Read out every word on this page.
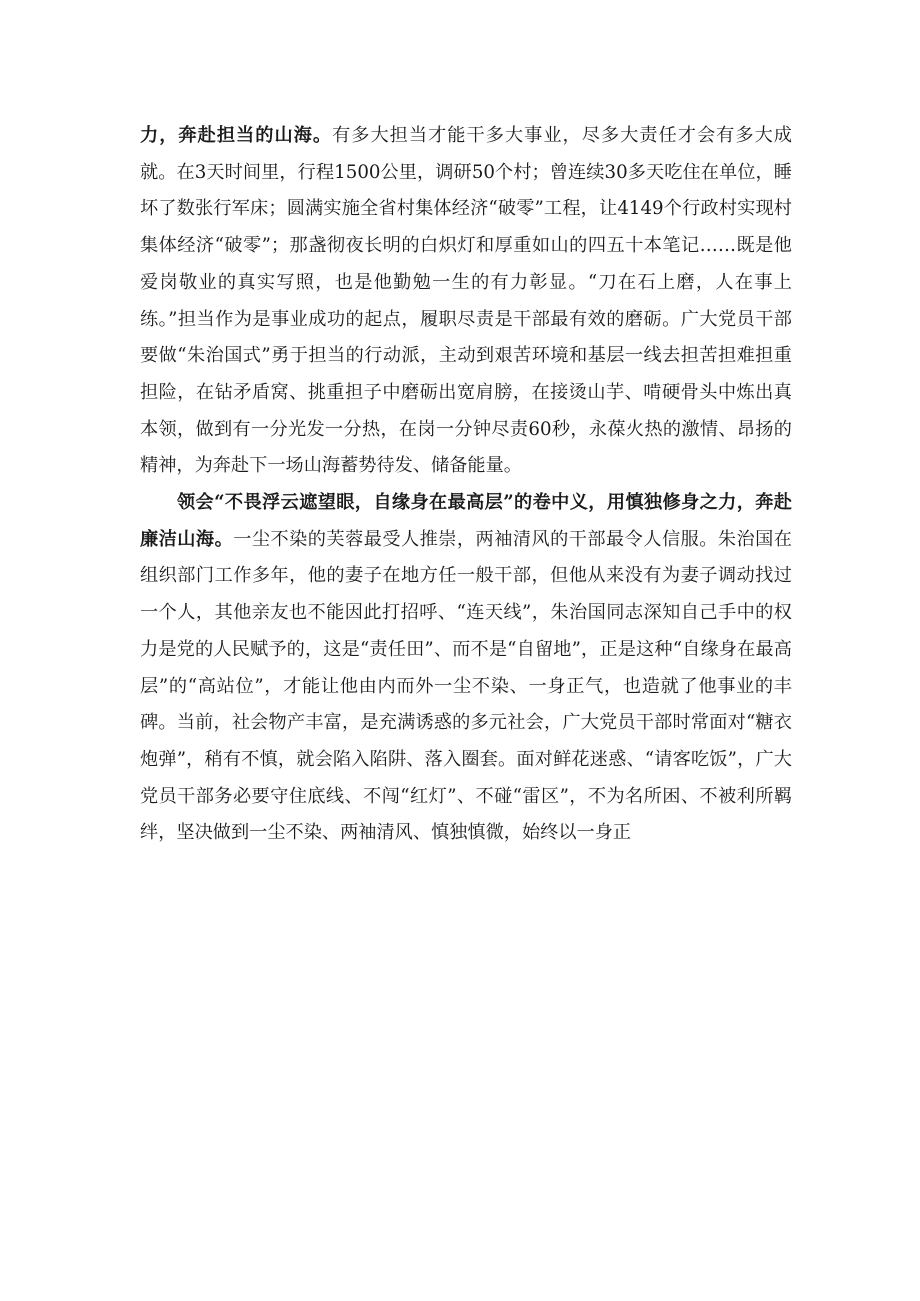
力，奔赴担当的山海。有多大担当才能干多大事业，尽多大责任才会有多大成就。在3天时间里，行程1500公里，调研50个村；曾连续30多天吃住在单位，睡坏了数张行军床；圆满实施全省村集体经济“破零”工程，让4149个行政村实现村集体经济“破零”；那盏彻夜长明的白炽灯和厚重如山的四五十本笔记……既是他爱岗敬业的真实写照，也是他勤勉一生的有力彰显。“刀在石上磨，人在事上练。”担当作为是事业成功的起点，履职尽责是干部最有效的磨砺。广大党员干部要做“朱治国式”勇于担当的行动派，主动到艰苦环境和基层一线去担苦担难担重担险，在钻矛盾窝、挑重担子中磨砺出宽肩膀，在接烫山芋、啃硬骨头中炼出真本领，做到有一分光发一分热，在岗一分钟尽责60秒，永葆火热的激情、昂扬的精神，为奔赴下一场山海蓄势待发、储备能量。

领会“不畏浮云遮望眼，自缘身在最高层”的卷中义，用慎独修身之力，奔赴廉洁山海。一尘不染的芙蓉最受人推崇，两袖清风的干部最令人信服。朱治国在组织部门工作多年，他的妻子在地方任一般干部，但他从来没有为妻子调动找过一个人，其他亲友也不能因此打招呼、“连天线”，朱治国同志深知自己手中的权力是党的人民赋予的，这是“责任田”、而不是“自留地”，正是这种“自缘身在最高层”的“高站位”，才能让他由内而外一尘不染、一身正气，也造就了他事业的丰碑。当前，社会物产丰富，是充满诱惑的多元社会，广大党员干部时常面对“糖衣炮弹”，稍有不慎，就会陷入陷阱、落入圈套。面对鲜花迷惑、“请客吃饭”，广大党员干部务必要守住底线、不闯“红灯”、不碰“雷区”，不为名所困、不被利所羁绊，坚决做到一尘不染、两袖清风、慎独慎微，始终以一身正
